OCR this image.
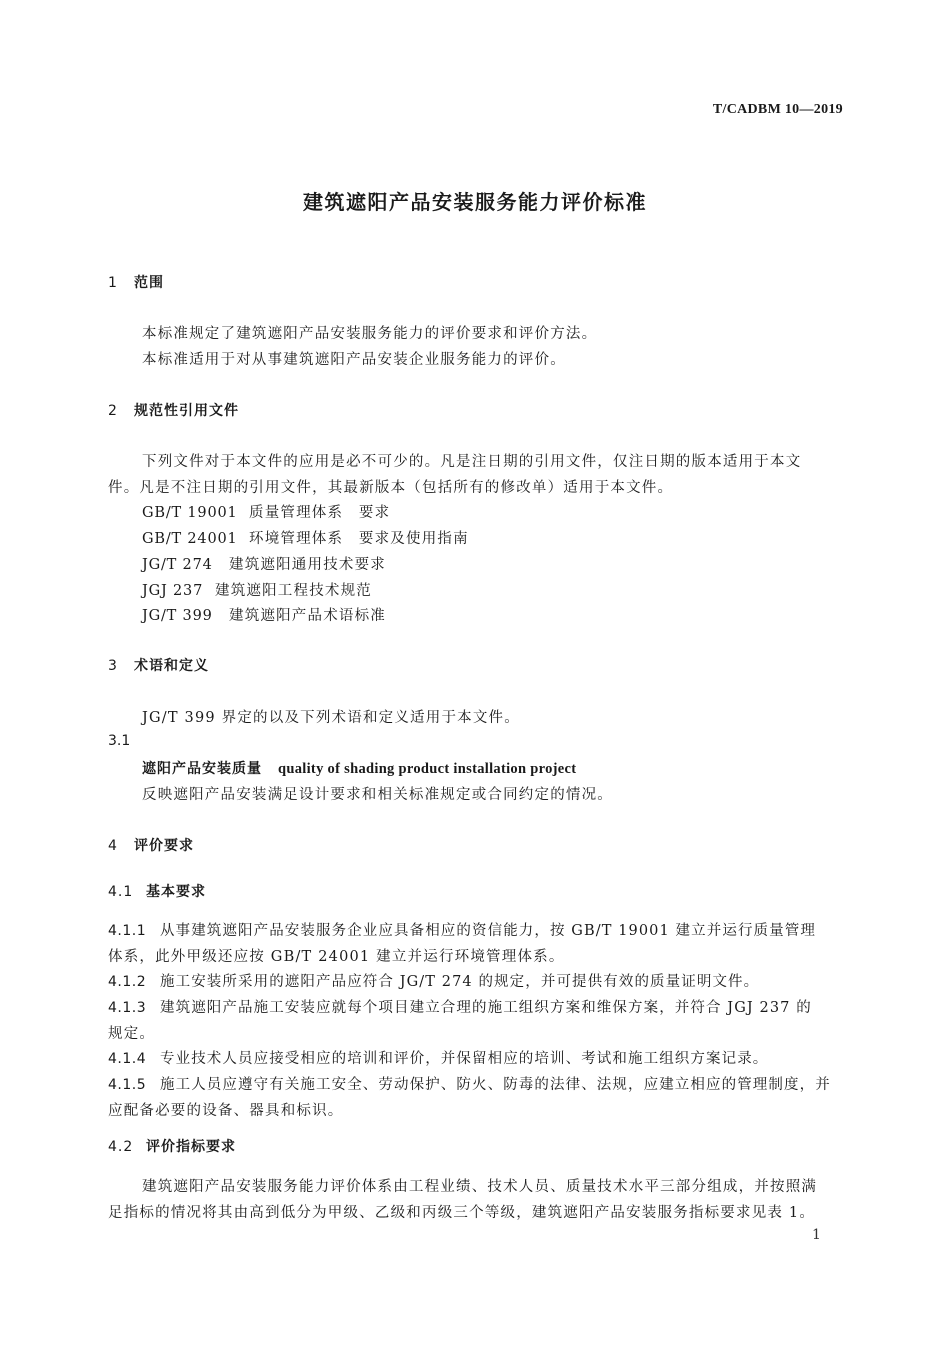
T/CADBM 10—2019
建筑遮阳产品安装服务能力评价标准
1 范围
本标准规定了建筑遮阳产品安装服务能力的评价要求和评价方法。
本标准适用于对从事建筑遮阳产品安装企业服务能力的评价。
2 规范性引用文件
下列文件对于本文件的应用是必不可少的。凡是注日期的引用文件，仅注日期的版本适用于本文
件。凡是不注日期的引用文件，其最新版本（包括所有的修改单）适用于本文件。
GB/T 19001 质量管理体系　要求
GB/T 24001 环境管理体系　要求及使用指南
JG/T 274 建筑遮阳通用技术要求
JGJ 237 建筑遮阳工程技术规范
JG/T 399 建筑遮阳产品术语标准
3 术语和定义
JG/T 399 界定的以及下列术语和定义适用于本文件。
3.1
遮阳产品安装质量 quality of shading product installation project
反映遮阳产品安装满足设计要求和相关标准规定或合同约定的情况。
4 评价要求
4.1 基本要求
4.1.1 从事建筑遮阳产品安装服务企业应具备相应的资信能力，按 GB/T 19001 建立并运行质量管理
体系，此外甲级还应按 GB/T 24001 建立并运行环境管理体系。
4.1.2 施工安装所采用的遮阳产品应符合 JG/T 274 的规定，并可提供有效的质量证明文件。
4.1.3 建筑遮阳产品施工安装应就每个项目建立合理的施工组织方案和维保方案，并符合 JGJ 237 的
规定。
4.1.4 专业技术人员应接受相应的培训和评价，并保留相应的培训、考试和施工组织方案记录。
4.1.5 施工人员应遵守有关施工安全、劳动保护、防火、防毒的法律、法规，应建立相应的管理制度，并
应配备必要的设备、器具和标识。
4.2 评价指标要求
建筑遮阳产品安装服务能力评价体系由工程业绩、技术人员、质量技术水平三部分组成，并按照满
足指标的情况将其由高到低分为甲级、乙级和丙级三个等级，建筑遮阳产品安装服务指标要求见表 1。
1
